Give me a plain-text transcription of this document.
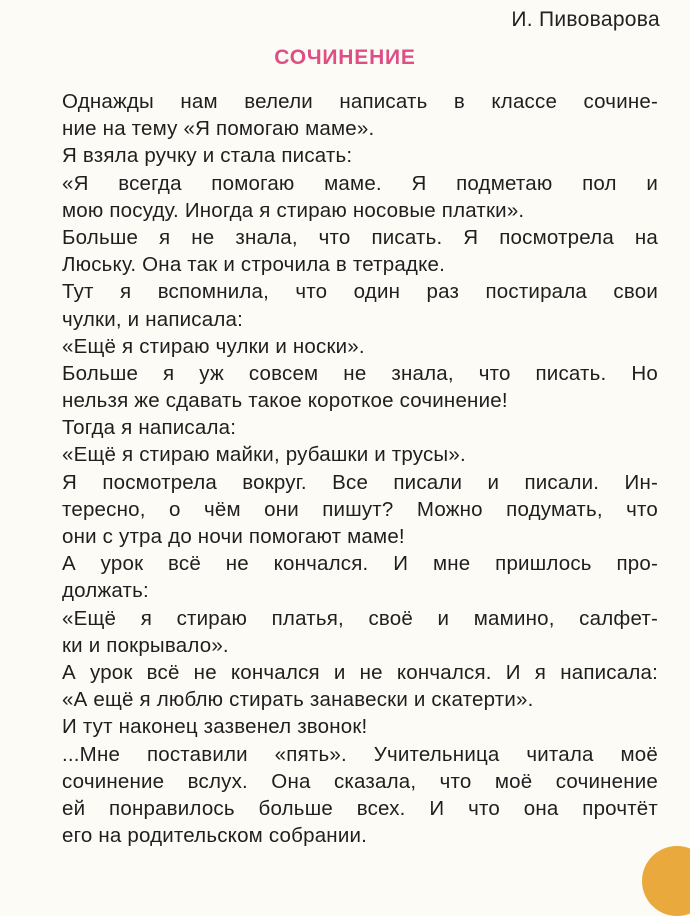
И. Пивоварова
СОЧИНЕНИЕ
Однажды нам велели написать в классе сочине-
ние на тему «Я помогаю маме».
Я взяла ручку и стала писать:
«Я всегда помогаю маме. Я подметаю пол и
мою посуду. Иногда я стираю носовые платки».
Больше я не знала, что писать. Я посмотрела на
Люську. Она так и строчила в тетрадке.
Тут я вспомнила, что один раз постирала свои
чулки, и написала:
«Ещё я стираю чулки и носки».
Больше я уж совсем не знала, что писать. Но
нельзя же сдавать такое короткое сочинение!
Тогда я написала:
«Ещё я стираю майки, рубашки и трусы».
Я посмотрела вокруг. Все писали и писали. Ин-
тересно, о чём они пишут? Можно подумать, что
они с утра до ночи помогают маме!
А урок всё не кончался. И мне пришлось про-
должать:
«Ещё я стираю платья, своё и мамино, салфет-
ки и покрывало».
А урок всё не кончался и не кончался. И я написала:
«А ещё я люблю стирать занавески и скатерти».
И тут наконец зазвенел звонок!
...Мне поставили «пять». Учительница читала моё
сочинение вслух. Она сказала, что моё сочинение
ей понравилось больше всех. И что она прочтёт
его на родительском собрании.
